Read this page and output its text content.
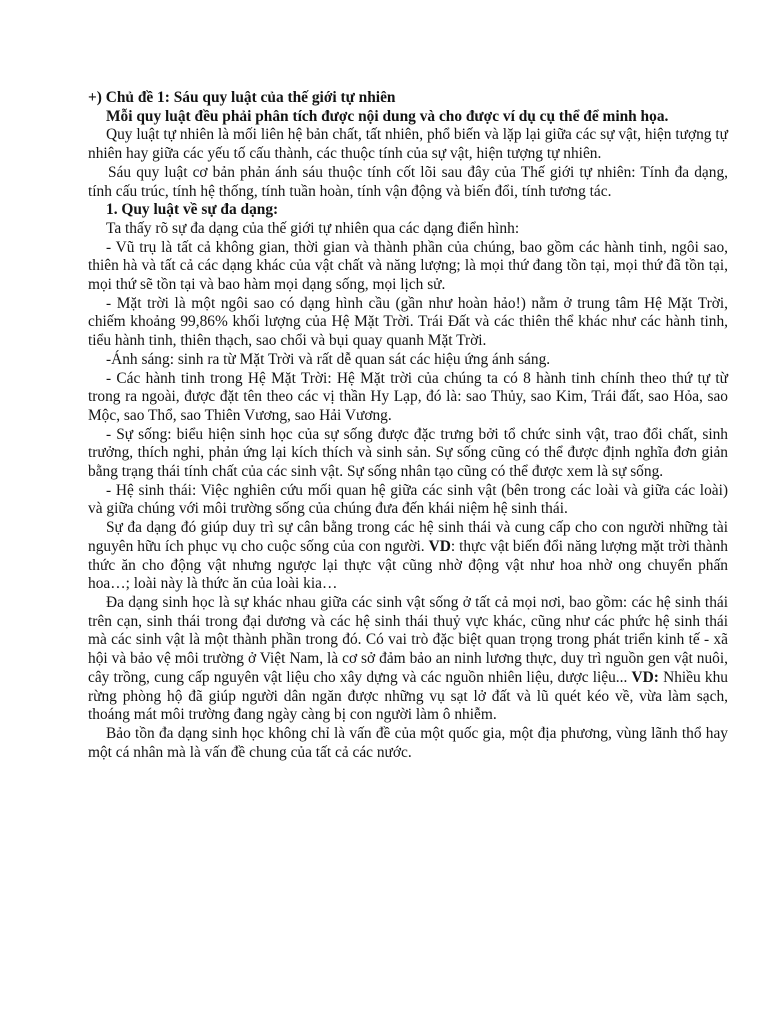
+) Chủ đề 1: Sáu quy luật của thế giới tự nhiên

Mỗi quy luật đều phải phân tích được nội dung và cho được ví dụ cụ thể để minh họa.

Quy luật tự nhiên là mối liên hệ bản chất, tất nhiên, phổ biến và lặp lại giữa các sự vật, hiện tượng tự nhiên hay giữa các yếu tố cấu thành, các thuộc tính của sự vật, hiện tượng tự nhiên.

Sáu quy luật cơ bản phản ánh sáu thuộc tính cốt lõi sau đây của Thế giới tự nhiên: Tính đa dạng, tính cấu trúc, tính hệ thống, tính tuần hoàn, tính vận động và biến đổi, tính tương tác.

1. Quy luật về sự đa dạng:

Ta thấy rõ sự đa dạng của thế giới tự nhiên qua các dạng điển hình:

- Vũ trụ là tất cả không gian, thời gian và thành phần của chúng, bao gồm các hành tinh, ngôi sao, thiên hà và tất cả các dạng khác của vật chất và năng lượng; là mọi thứ đang tồn tại, mọi thứ đã tồn tại, mọi thứ sẽ tồn tại và bao hàm mọi dạng sống, mọi lịch sử.

- Mặt trời là một ngôi sao có dạng hình cầu (gần như hoàn hảo!) nằm ở trung tâm Hệ Mặt Trời, chiếm khoảng 99,86% khối lượng của Hệ Mặt Trời. Trái Đất và các thiên thể khác như các hành tinh, tiểu hành tinh, thiên thạch, sao chổi và bụi quay quanh Mặt Trời.

-Ánh sáng: sinh ra từ Mặt Trời và rất dễ quan sát các hiệu ứng ánh sáng.

- Các hành tinh trong Hệ Mặt Trời: Hệ Mặt trời của chúng ta có 8 hành tinh chính theo thứ tự từ trong ra ngoài, được đặt tên theo các vị thần Hy Lạp, đó là: sao Thủy, sao Kim, Trái đất, sao Hỏa, sao Mộc, sao Thổ, sao Thiên Vương, sao Hải Vương.

- Sự sống: biểu hiện sinh học của sự sống được đặc trưng bởi tổ chức sinh vật, trao đổi chất, sinh trưởng, thích nghi, phản ứng lại kích thích và sinh sản. Sự sống cũng có thể được định nghĩa đơn giản bằng trạng thái tính chất của các sinh vật. Sự sống nhân tạo cũng có thể được xem là sự sống.

- Hệ sinh thái: Việc nghiên cứu mối quan hệ giữa các sinh vật (bên trong các loài và giữa các loài) và giữa chúng với môi trường sống của chúng đưa đến khái niệm hệ sinh thái.

Sự đa dạng đó giúp duy trì sự cân bằng trong các hệ sinh thái và cung cấp cho con người những tài nguyên hữu ích phục vụ cho cuộc sống của con người. VD: thực vật biến đổi năng lượng mặt trời thành thức ăn cho động vật nhưng ngược lại thực vật cũng nhờ động vật như hoa nhờ ong chuyển phấn hoa…; loài này là thức ăn của loài kia…

Đa dạng sinh học là sự khác nhau giữa các sinh vật sống ở tất cả mọi nơi, bao gồm: các hệ sinh thái trên cạn, sinh thái trong đại dương và các hệ sinh thái thuỷ vực khác, cũng như các phức hệ sinh thái mà các sinh vật là một thành phần trong đó. Có vai trò đặc biệt quan trọng trong phát triển kinh tế - xã hội và bảo vệ môi trường ở Việt Nam, là cơ sở đảm bảo an ninh lương thực, duy trì nguồn gen vật nuôi, cây trồng, cung cấp nguyên vật liệu cho xây dựng và các nguồn nhiên liệu, dược liệu... VD: Nhiều khu rừng phòng hộ đã giúp người dân ngăn được những vụ sạt lở đất và lũ quét kéo về, vừa làm sạch, thoáng mát môi trường đang ngày càng bị con người làm ô nhiễm.

Bảo tồn đa dạng sinh học không chỉ là vấn đề của một quốc gia, một địa phương, vùng lãnh thổ hay một cá nhân mà là vấn đề chung của tất cả các nước.
